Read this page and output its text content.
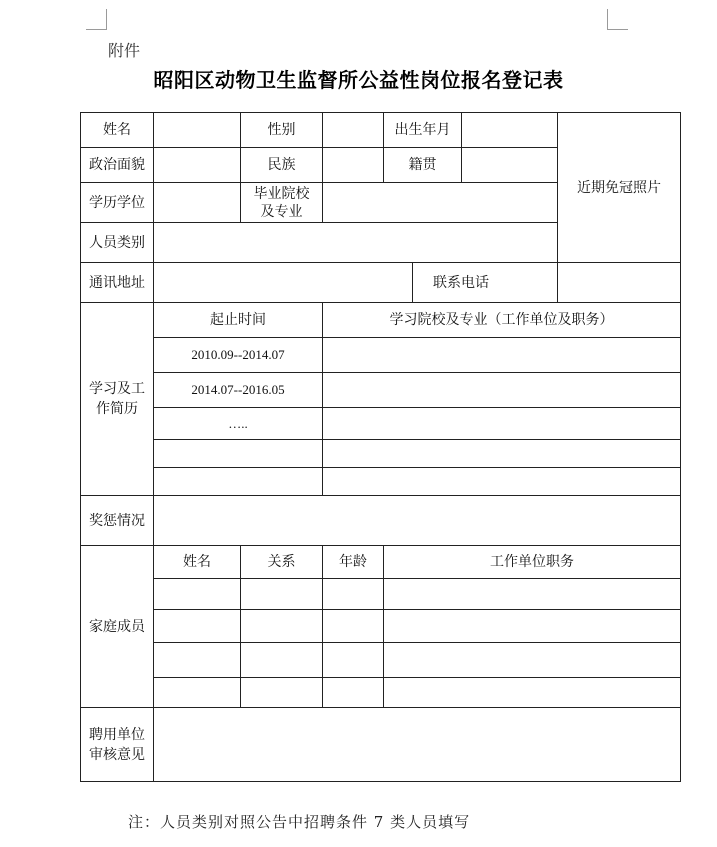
附件
昭阳区动物卫生监督所公益性岗位报名登记表
姓名		性别		出生年月			近期免冠照片
政治面貌		民族		籍贯			
学历学位		毕业院校及专业					

人员类别							
通讯地址					联系电话		

学习及工作简历	起止时间		学习院校及专业（工作单位及职务）				
	2010.09--2014.07						
	2014.07--2016.05						
	…..						

奖惩情况							
家庭成员	姓名	关系	年龄	工作单位职务			

聘用单位审核意见							

注：人员类别对照公告中招聘条件 7 类人员填写
